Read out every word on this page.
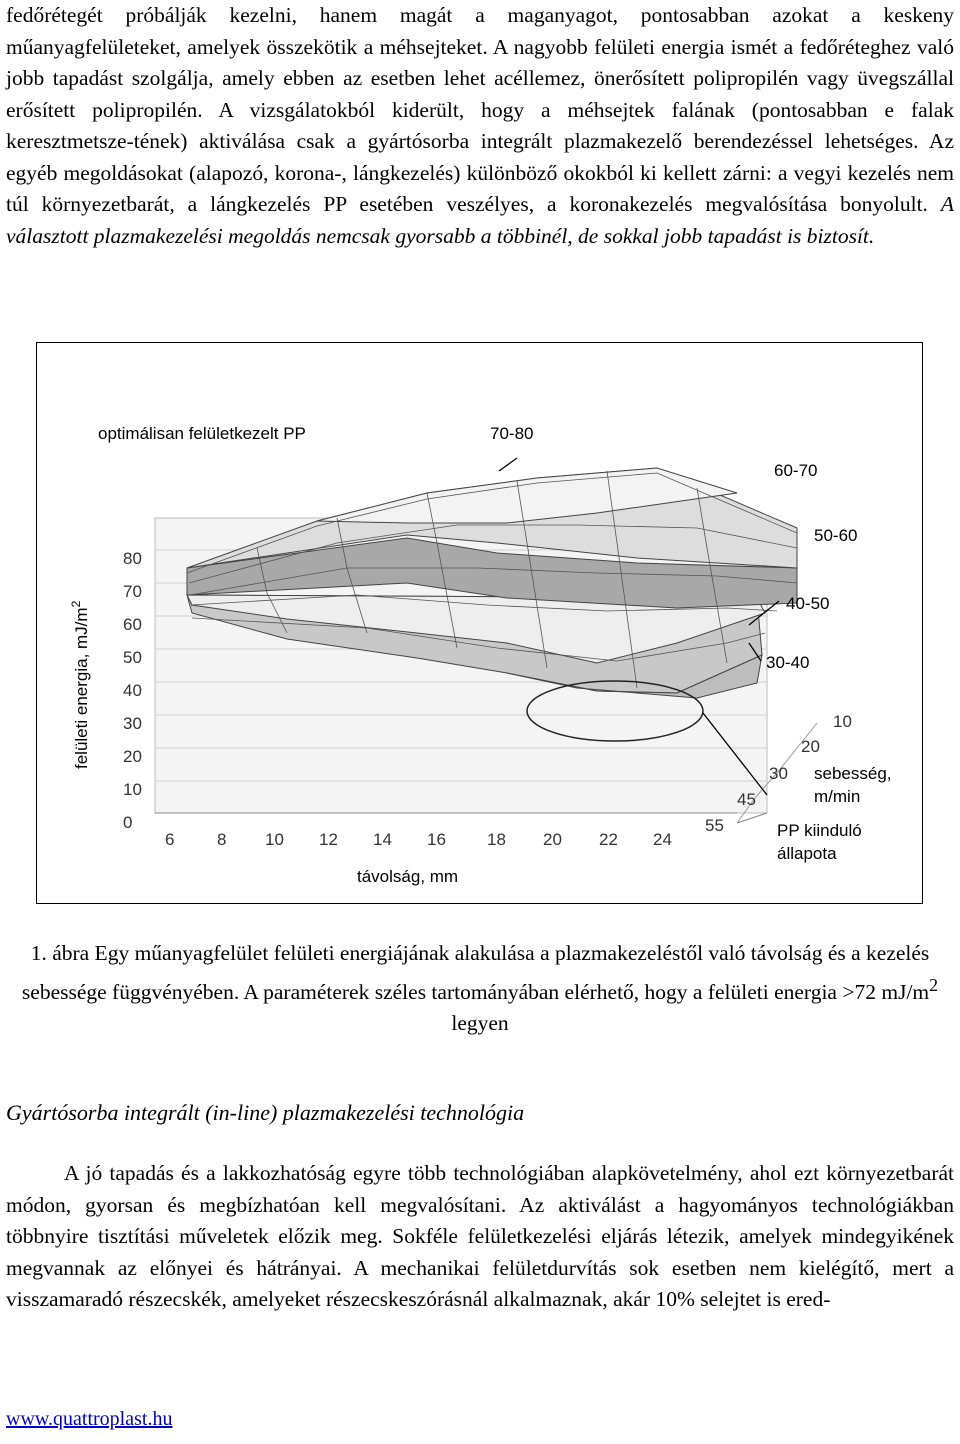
fedőrétegét próbálják kezelni, hanem magát a maganyagot, pontosabban azokat a keskeny műanyagfelületeket, amelyek összekötik a méhsejteket. A nagyobb felületi energia ismét a fedőréteghez való jobb tapadást szolgálja, amely ebben az esetben lehet acéllemez, önerősített polipropilén vagy üvegszállal erősített polipropilén. A vizsgálatokból kiderült, hogy a méhsejtek falának (pontosabban e falak keresztmetsze-tének) aktiválása csak a gyártósorba integrált plazmakezelő berendezéssel lehetséges. Az egyéb megoldásokat (alapozó, korona-, lángkezelés) különböző okokból ki kellett zárni: a vegyi kezelés nem túl környezetbarát, a lángkezelés PP esetében veszélyes, a koronakezelés megvalósítása bonyolult. A választott plazmakezelési megoldás nemcsak gyorsabb a többinél, de sokkal jobb tapadást is biztosít.

0
10
20
30
40
50
60
70
80
6	8 10 12 14 16 18 20 22 24
10
20
30
45
55
felületi energia, $mJ/m^2$
optimálisan felületkezelt PP	70-80
60-70
50-60
40-50
30-40
sebesség,
m/min
PP kiinduló
állapota
távolság, mm
1. ábra Egy műanyagfelület felületi energiájának alakulása a plazmakezeléstől való távolság és a kezelés sebessége függvényében. A paraméterek széles tartományában elérhető, hogy a felületi energia >72 $mJ/m^2$ legyen
Gyártósorba integrált (in-line) plazmakezelési technológia

A jó tapadás és a lakkozhatóság egyre több technológiában alapkövetelmény, ahol ezt környezetbarát módon, gyorsan és megbízhatóan kell megvalósítani. Az aktiválást a hagyományos technológiákban többnyire tisztítási műveletek előzik meg. Sokféle felületkezelési eljárás létezik, amelyek mindegyikének megvannak az előnyei és hátrányai. A mechanikai felületdurvítás sok esetben nem kielégítő, mert a visszamaradó részecskék, amelyeket részecskeszórásnál alkalmaznak, akár 10% selejtet is ered-

www.quattroplast.hu
